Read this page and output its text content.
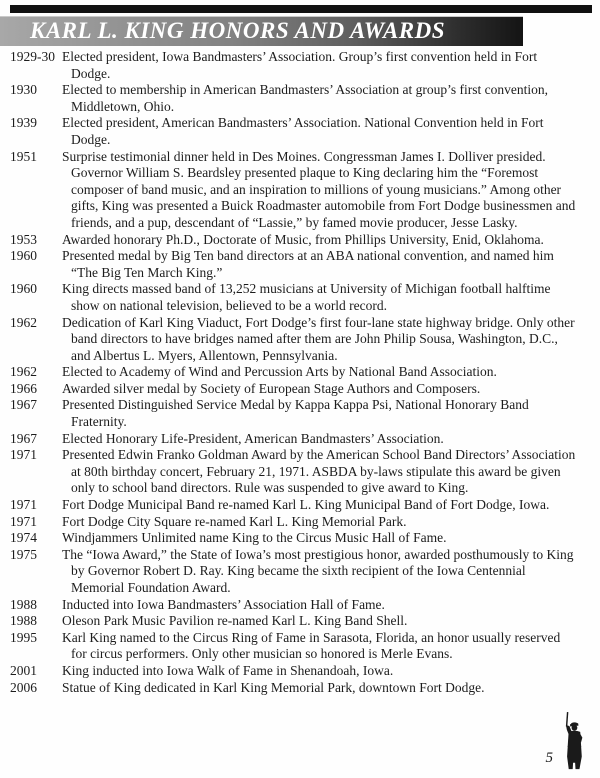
KARL L. KING HONORS AND AWARDS
1929-30 Elected president, Iowa Bandmasters’ Association. Group’s first convention held in Fort Dodge.
1930	Elected to membership in American Bandmasters’ Association at group’s first convention, Middletown, Ohio.
1939	Elected president, American Bandmasters’ Association. National Convention held in Fort Dodge.
1951	Surprise testimonial dinner held in Des Moines. Congressman James I. Dolliver presided. Governor William S. Beardsley presented plaque to King declaring him the “Foremost composer of band music, and an inspiration to millions of young musicians.” Among other gifts, King was presented a Buick Roadmaster automobile from Fort Dodge businessmen and friends, and a pup, descendant of “Lassie,” by famed movie producer, Jesse Lasky.
1953	Awarded honorary Ph.D., Doctorate of Music, from Phillips University, Enid, Oklahoma.
1960	Presented medal by Big Ten band directors at an ABA national convention, and named him “The Big Ten March King.”
1960	King directs massed band of 13,252 musicians at University of Michigan football halftime show on national television, believed to be a world record.
1962	Dedication of Karl King Viaduct, Fort Dodge’s first four-lane state highway bridge. Only other band directors to have bridges named after them are John Philip Sousa, Washington, D.C., and Albertus L. Myers, Allentown, Pennsylvania.
1962	Elected to Academy of Wind and Percussion Arts by National Band Association.
1966	Awarded silver medal by Society of European Stage Authors and Composers.
1967	Presented Distinguished Service Medal by Kappa Kappa Psi, National Honorary Band Fraternity.
1967	Elected Honorary Life-President, American Bandmasters’ Association.
1971	Presented Edwin Franko Goldman Award by the American School Band Directors’ Association at 80th birthday concert, February 21, 1971. ASBDA by-laws stipulate this award be given only to school band directors. Rule was suspended to give award to King.
1971	Fort Dodge Municipal Band re-named Karl L. King Municipal Band of Fort Dodge, Iowa.
1971	Fort Dodge City Square re-named Karl L. King Memorial Park.
1974	Windjammers Unlimited name King to the Circus Music Hall of Fame.
1975	The “Iowa Award,” the State of Iowa’s most prestigious honor, awarded posthumously to King by Governor Robert D. Ray. King became the sixth recipient of the Iowa Centennial Memorial Foundation Award.
1988	Inducted into Iowa Bandmasters’ Association Hall of Fame.
1988	Oleson Park Music Pavilion re-named Karl L. King Band Shell.
1995	Karl King named to the Circus Ring of Fame in Sarasota, Florida, an honor usually reserved for circus performers. Only other musician so honored is Merle Evans.
2001	King inducted into Iowa Walk of Fame in Shenandoah, Iowa.
2006	Statue of King dedicated in Karl King Memorial Park, downtown Fort Dodge.
5
